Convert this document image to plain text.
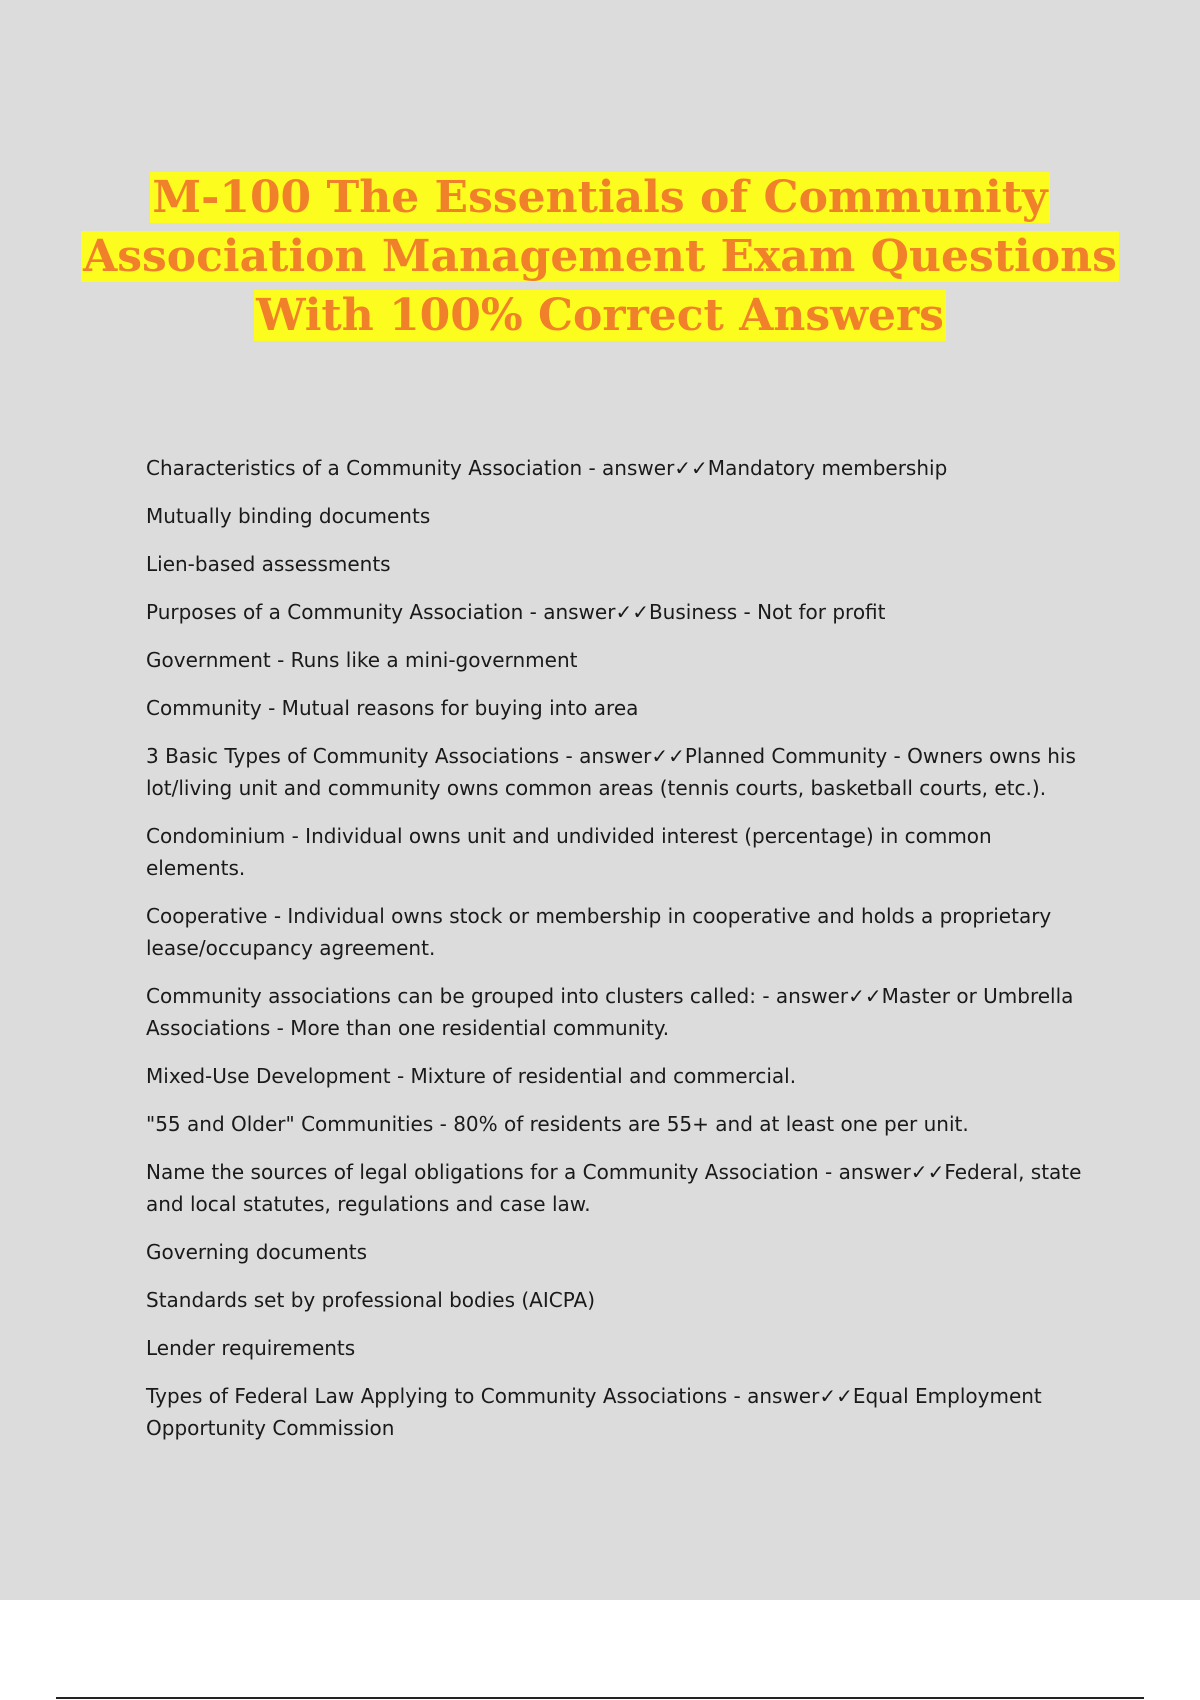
M-100 The Essentials of Community
Association Management Exam Questions
With 100% Correct Answers

Characteristics of a Community Association - answer✓✓Mandatory membership

Mutually binding documents

Lien-based assessments

Purposes of a Community Association - answer✓✓Business - Not for profit

Government - Runs like a mini-government

Community - Mutual reasons for buying into area

3 Basic Types of Community Associations - answer✓✓Planned Community - Owners owns his lot/living unit and community owns common areas (tennis courts, basketball courts, etc.).

Condominium - Individual owns unit and undivided interest (percentage) in common elements.

Cooperative - Individual owns stock or membership in cooperative and holds a proprietary lease/occupancy agreement.

Community associations can be grouped into clusters called: - answer✓✓Master or Umbrella Associations - More than one residential community.

Mixed-Use Development - Mixture of residential and commercial.

"55 and Older" Communities - 80% of residents are 55+ and at least one per unit.

Name the sources of legal obligations for a Community Association - answer✓✓Federal, state and local statutes, regulations and case law.

Governing documents

Standards set by professional bodies (AICPA)

Lender requirements

Types of Federal Law Applying to Community Associations - answer✓✓Equal Employment Opportunity Commission
